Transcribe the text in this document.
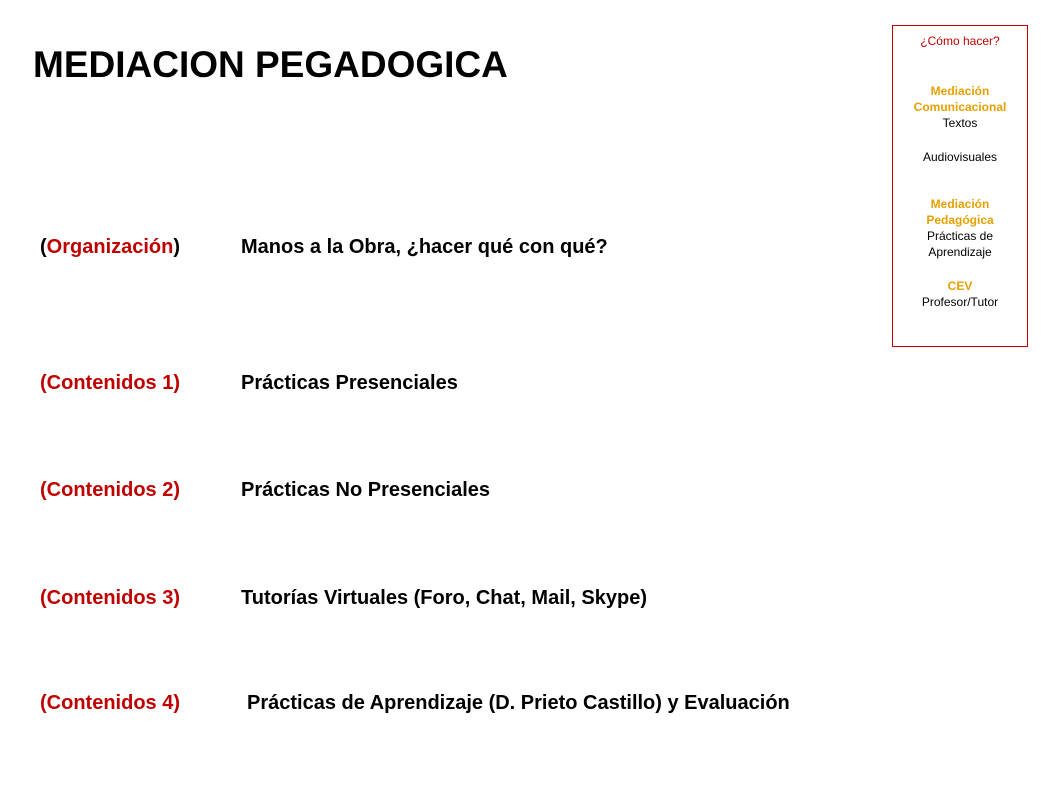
MEDIACION PEGADOGICA
(Organización)	Manos a la Obra, ¿hacer qué con qué?
(Contenidos 1)	Prácticas Presenciales
(Contenidos 2)	Prácticas No Presenciales
(Contenidos 3)	Tutorías Virtuales (Foro, Chat, Mail, Skype)
(Contenidos 4)	Prácticas de Aprendizaje (D. Prieto Castillo) y Evaluación
¿Cómo hacer?
Mediación
Comunicacional
Textos
Audiovisuales
Mediación
Pedagógica
Prácticas de
Aprendizaje
CEV
Profesor/Tutor
